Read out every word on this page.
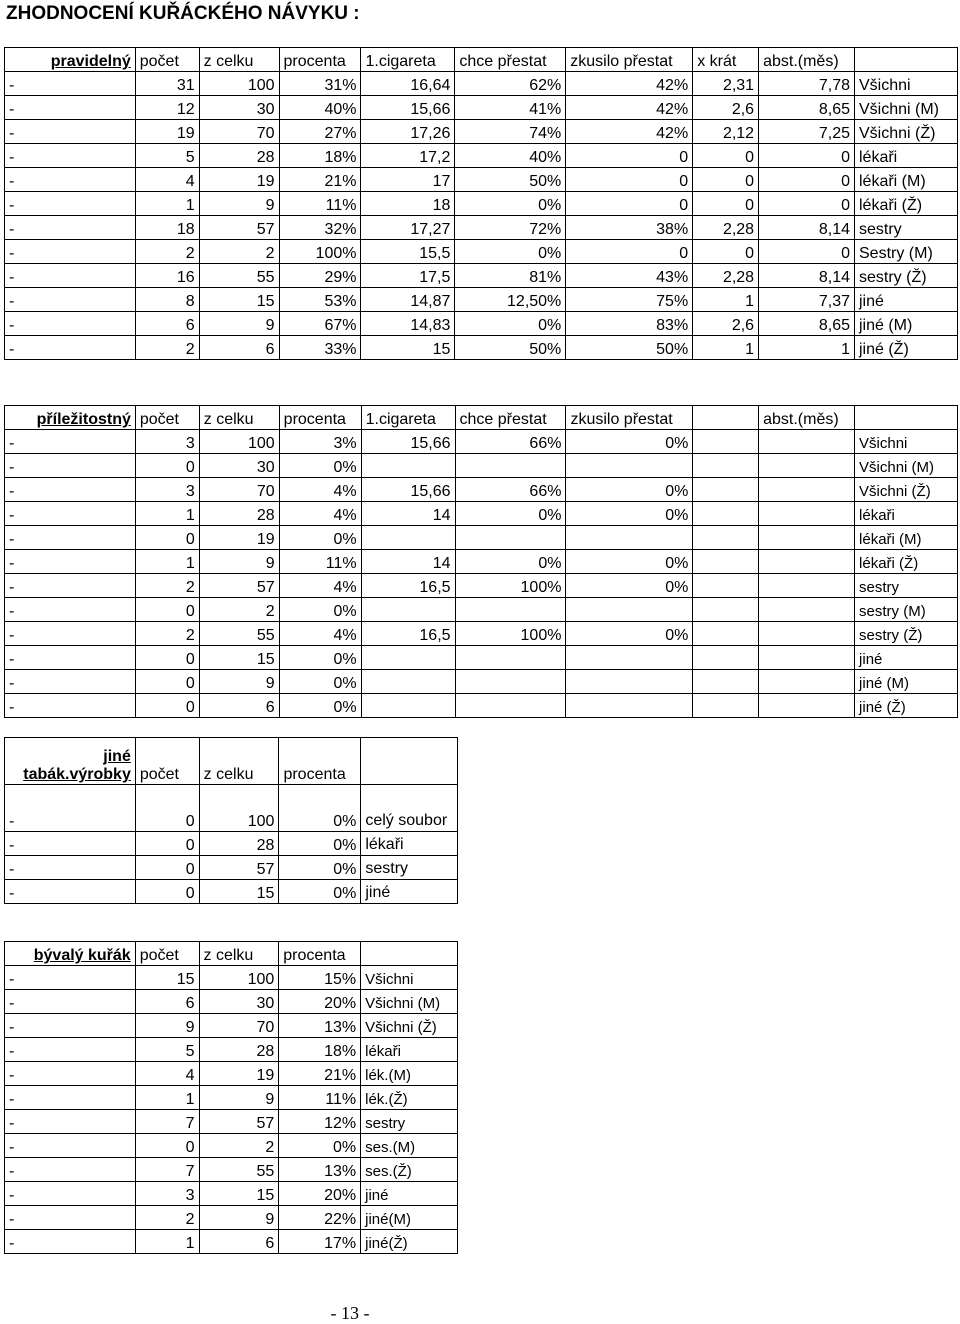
ZHODNOCENÍ KUŘÁCKÉHO NÁVYKU :
pravidelný	počet	z celku	procenta	1.cigareta	chce přestat	zkusilo přestat	x krát	abst.(měs)	
-	31	100	31%	16,64	62%	42%	2,31	7,78	Všichni
-	12	30	40%	15,66	41%	42%	2,6	8,65	Všichni (M)
-	19	70	27%	17,26	74%	42%	2,12	7,25	Všichni (Ž)
-	5	28	18%	17,2	40%	0	0	0	lékaři
-	4	19	21%	17	50%	0	0	0	lékaři (M)
-	1	9	11%	18	0%	0	0	0	lékaři (Ž)
-	18	57	32%	17,27	72%	38%	2,28	8,14	sestry
-	2	2	100%	15,5	0%	0	0	0	Sestry (M)
-	16	55	29%	17,5	81%	43%	2,28	8,14	sestry (Ž)
-	8	15	53%	14,87	12,50%	75%	1	7,37	jiné
-	6	9	67%	14,83	0%	83%	2,6	8,65	jiné (M)
-	2	6	33%	15	50%	50%	1	1	jiné (Ž)
příležitostný	počet	z celku	procenta	1.cigareta	chce přestat	zkusilo přestat		abst.(měs)	
-	3	100	3%	15,66	66%	0%			Všichni
-	0	30	0%						Všichni (M)
-	3	70	4%	15,66	66%	0%			Všichni (Ž)
-	1	28	4%	14	0%	0%			lékaři
-	0	19	0%						lékaři (M)
-	1	9	11%	14	0%	0%			lékaři (Ž)
-	2	57	4%	16,5	100%	0%			sestry
-	0	2	0%						sestry (M)
-	2	55	4%	16,5	100%	0%			sestry (Ž)
-	0	15	0%						jiné
-	0	9	0%						jiné (M)
-	0	6	0%						jiné (Ž)
jiné
tabák.výrobky	počet	z celku	procenta	
-	0	100	0%	celý soubor
-	0	28	0%	lékaři
-	0	57	0%	sestry
-	0	15	0%	jiné
bývalý kuřák	počet	z celku	procenta	
-	15	100	15%	Všichni
-	6	30	20%	Všichni (M)
-	9	70	13%	Všichni (Ž)
-	5	28	18%	lékaři
-	4	19	21%	lék.(M)
-	1	9	11%	lék.(Ž)
-	7	57	12%	sestry
-	0	2	0%	ses.(M)
-	7	55	13%	ses.(Ž)
-	3	15	20%	jiné
-	2	9	22%	jiné(M)
-	1	6	17%	jiné(Ž)
- 13 -
